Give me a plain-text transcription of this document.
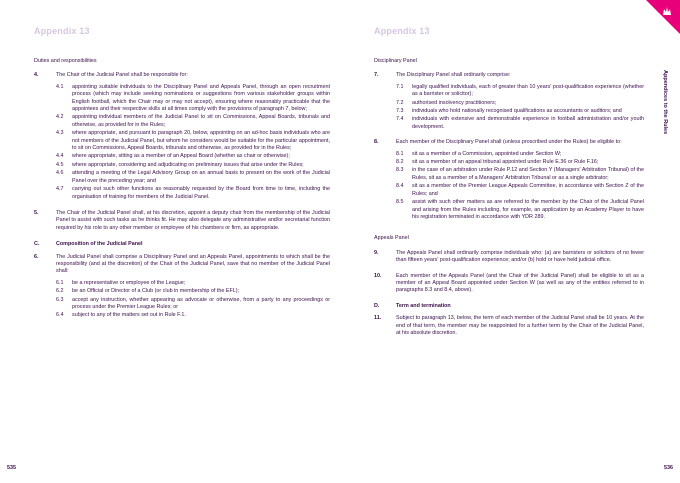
Appendix 13
Duties and responsibilities
4.	The Chair of the Judicial Panel shall be responsible for:
4.1	appointing suitable individuals to the Disciplinary Panel and Appeals Panel, through an open recruitment process (which may include seeking nominations or suggestions from various stakeholder groups within English football, which the Chair may or may not accept), ensuring where reasonably practicable that the appointees and their respective skills at all times comply with the provisions of paragraph 7, below;
4.2	appointing individual members of the Judicial Panel to sit on Commissions, Appeal Boards, tribunals and otherwise, as provided for in the Rules;
4.3	where appropriate, and pursuant to paragraph 20, below, appointing on an ad-hoc basis individuals who are not members of the Judicial Panel, but whom he considers would be suitable for the particular appointment, to sit on Commissions, Appeal Boards, tribunals and otherwise, as provided for in the Rules;
4.4	where appropriate, sitting as a member of an Appeal Board (whether as chair or otherwise);
4.5	where appropriate, considering and adjudicating on preliminary issues that arise under the Rules;
4.6	attending a meeting of the Legal Advisory Group on an annual basis to present on the work of the Judicial Panel over the preceding year; and
4.7	carrying out such other functions as reasonably requested by the Board from time to time, including the organisation of training for members of the Judicial Panel.
5.	The Chair of the Judicial Panel shall, at his discretion, appoint a deputy chair from the membership of the Judicial Panel to assist with such tasks as he thinks fit. He may also delegate any administrative and/or secretarial function required by his role to any other member or employee of his chambers or firm, as appropriate.
C.	Composition of the Judicial Panel
6.	The Judicial Panel shall comprise a Disciplinary Panel and an Appeals Panel, appointments to which shall be the responsibility (and at the discretion) of the Chair of the Judicial Panel, save that no member of the Judicial Panel shall:
6.1	be a representative or employee of the League;
6.2	be an Official or Director of a Club (or club in membership of the EFL);
6.3	accept any instruction, whether appearing as advocate or otherwise, from a party to any proceedings or process under the Premier League Rules; or
6.4	subject to any of the matters set out in Rule F.1.
535
Appendix 13
Appendices to the Rules
Disciplinary Panel
7.	The Disciplinary Panel shall ordinarily comprise:
7.1	legally qualified individuals, each of greater than 10 years' post-qualification experience (whether as a barrister or solicitor);
7.2	authorised insolvency practitioners;
7.3	individuals who hold nationally recognised qualifications as accountants or auditors; and
7.4	individuals with extensive and demonstrable experience in football administration and/or youth development.
8.	Each member of the Disciplinary Panel shall (unless proscribed under the Rules) be eligible to:
8.1	sit as a member of a Commission, appointed under Section W;
8.2	sit as a member of an appeal tribunal appointed under Rule E.36 or Rule F.16;
8.3	in the case of an arbitration under Rule P.12 and Section Y (Managers' Arbitration Tribunal) of the Rules, sit as a member of a Managers' Arbitration Tribunal or as a single arbitrator;
8.4	sit as a member of the Premier League Appeals Committee, in accordance with Section Z of the Rules; and
8.5	assist with such other matters as are referred to the member by the Chair of the Judicial Panel and arising from the Rules including, for example, an application by an Academy Player to have his registration terminated in accordance with YDR 289.
Appeals Panel
9.	The Appeals Panel shall ordinarily comprise individuals who: (a) are barristers or solicitors of no fewer than fifteen years' post-qualification experience; and/or (b) hold or have held judicial office.
10.	Each member of the Appeals Panel (and the Chair of the Judicial Panel) shall be eligible to sit as a member of an Appeal Board appointed under Section W (as well as any of the entities referred to in paragraphs 8.3 and 8.4, above).
D.	Term and termination
11.	Subject to paragraph 13, below, the term of each member of the Judicial Panel shall be 10 years. At the end of that term, the member may be reappointed for a further term by the Chair of the Judicial Panel, at his absolute discretion.
536
